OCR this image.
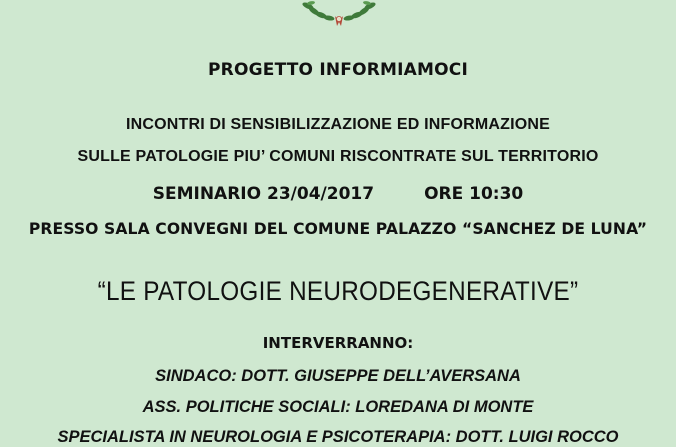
PROGETTO INFORMIAMOCI
INCONTRI DI SENSIBILIZZAZIONE ED INFORMAZIONE
SULLE PATOLOGIE PIU’ COMUNI RISCONTRATE SUL TERRITORIO
SEMINARIO 23/04/2017	ORE 10:30
PRESSO SALA CONVEGNI DEL COMUNE PALAZZO “SANCHEZ DE LUNA”
“LE PATOLOGIE NEURODEGENERATIVE”
INTERVERRANNO:
SINDACO: DOTT. GIUSEPPE DELL’AVERSANA
ASS. POLITICHE SOCIALI: LOREDANA DI MONTE
SPECIALISTA IN NEUROLOGIA E PSICOTERAPIA: DOTT. LUIGI ROCCO
